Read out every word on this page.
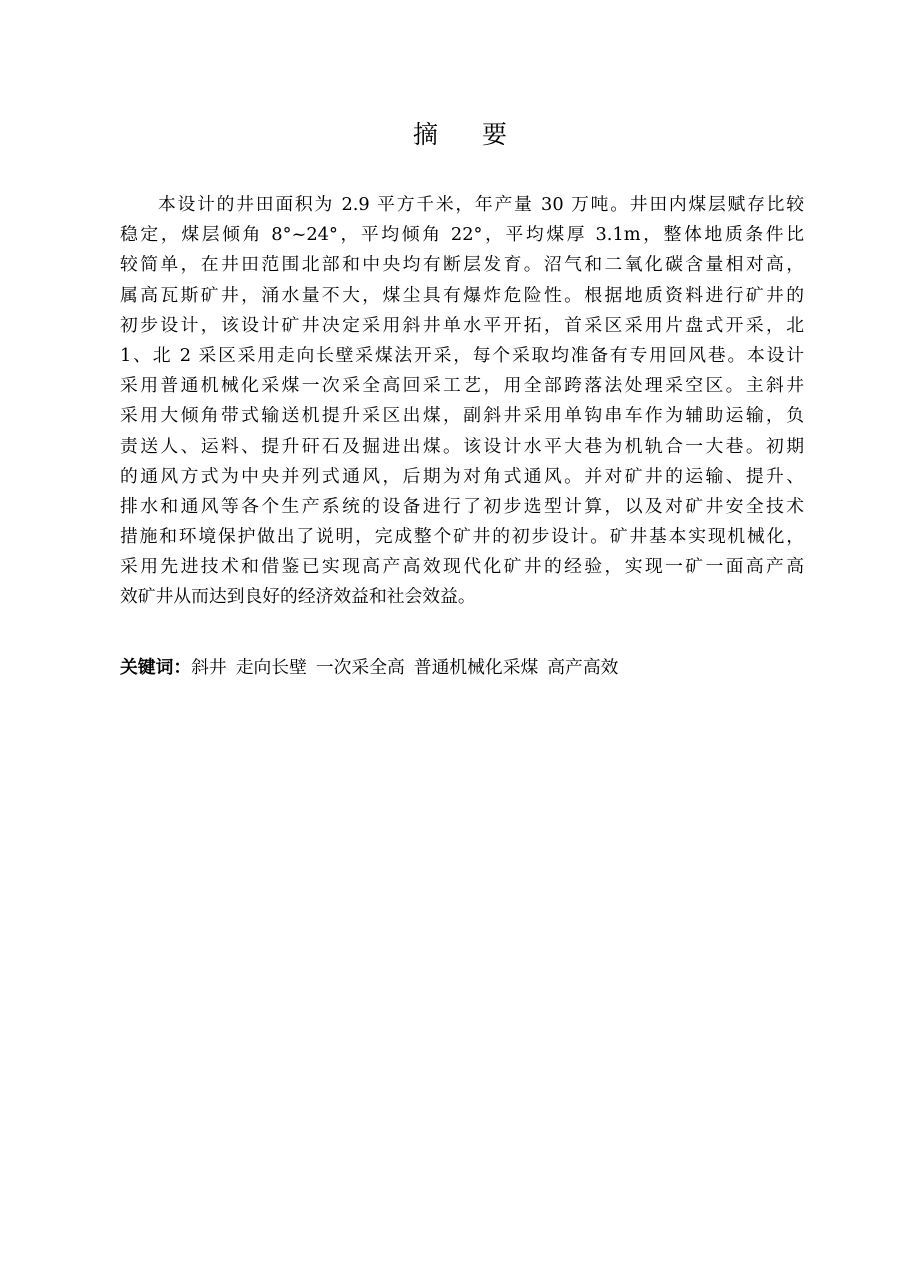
摘 要
本设计的井田面积为 2.9 平方千米，年产量 30 万吨。井田内煤层赋存比较
稳定，煤层倾角 8°~24°，平均倾角 22°，平均煤厚 3.1m，整体地质条件比
较简单，在井田范围北部和中央均有断层发育。沼气和二氧化碳含量相对高，
属高瓦斯矿井，涌水量不大，煤尘具有爆炸危险性。根据地质资料进行矿井的
初步设计，该设计矿井决定采用斜井单水平开拓，首采区采用片盘式开采，北
1、北 2 采区采用走向长壁采煤法开采，每个采取均准备有专用回风巷。本设计
采用普通机械化采煤一次采全高回采工艺，用全部跨落法处理采空区。主斜井
采用大倾角带式输送机提升采区出煤，副斜井采用单钩串车作为辅助运输，负
责送人、运料、提升矸石及掘进出煤。该设计水平大巷为机轨合一大巷。初期
的通风方式为中央并列式通风，后期为对角式通风。并对矿井的运输、提升、
排水和通风等各个生产系统的设备进行了初步选型计算，以及对矿井安全技术
措施和环境保护做出了说明，完成整个矿井的初步设计。矿井基本实现机械化，
采用先进技术和借鉴已实现高产高效现代化矿井的经验，实现一矿一面高产高
效矿井从而达到良好的经济效益和社会效益。
关键词：斜井 走向长壁 一次采全高 普通机械化采煤 高产高效
